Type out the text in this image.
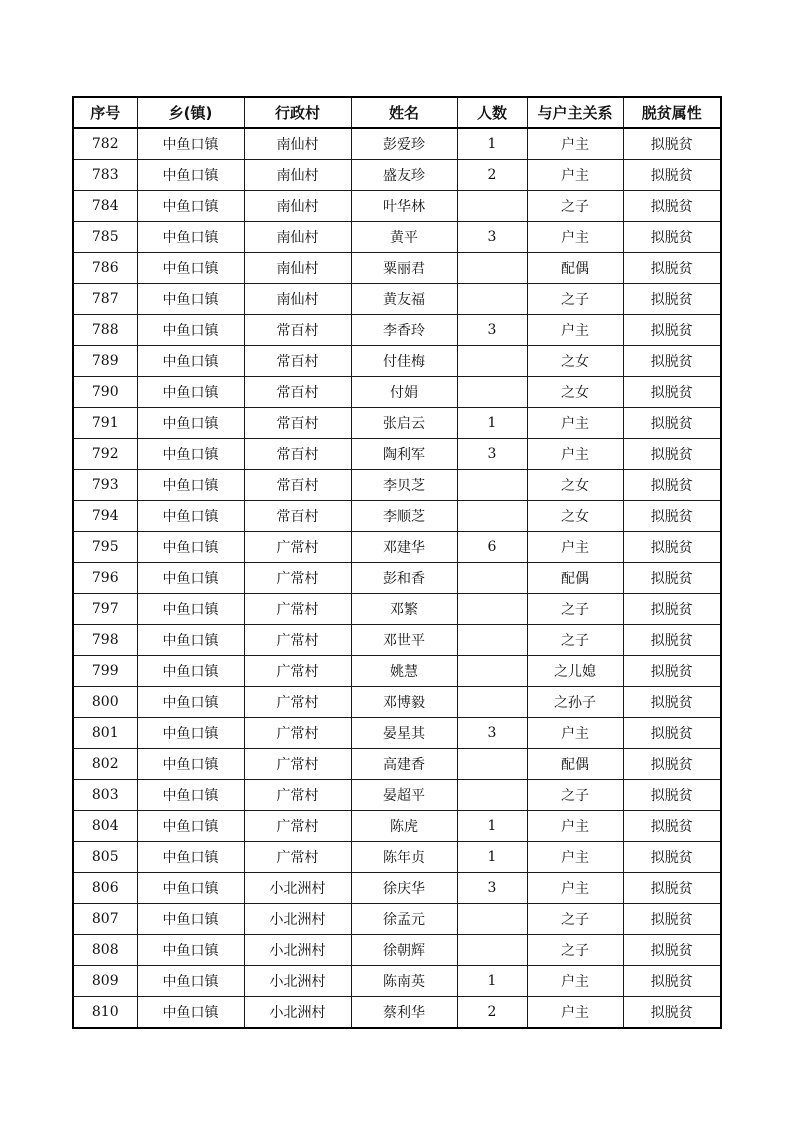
序号	乡(镇)	行政村	姓名	人数	与户主关系	脱贫属性
782	中鱼口镇	南仙村	彭爱珍	1	户主	拟脱贫
783	中鱼口镇	南仙村	盛友珍	2	户主	拟脱贫
784	中鱼口镇	南仙村	叶华林		之子	拟脱贫
785	中鱼口镇	南仙村	黄平	3	户主	拟脱贫
786	中鱼口镇	南仙村	粟丽君		配偶	拟脱贫
787	中鱼口镇	南仙村	黄友福		之子	拟脱贫
788	中鱼口镇	常百村	李香玲	3	户主	拟脱贫
789	中鱼口镇	常百村	付佳梅		之女	拟脱贫
790	中鱼口镇	常百村	付娟		之女	拟脱贫
791	中鱼口镇	常百村	张启云	1	户主	拟脱贫
792	中鱼口镇	常百村	陶利军	3	户主	拟脱贫
793	中鱼口镇	常百村	李贝芝		之女	拟脱贫
794	中鱼口镇	常百村	李顺芝		之女	拟脱贫
795	中鱼口镇	广常村	邓建华	6	户主	拟脱贫
796	中鱼口镇	广常村	彭和香		配偶	拟脱贫
797	中鱼口镇	广常村	邓繁		之子	拟脱贫
798	中鱼口镇	广常村	邓世平		之子	拟脱贫
799	中鱼口镇	广常村	姚慧		之儿媳	拟脱贫
800	中鱼口镇	广常村	邓博毅		之孙子	拟脱贫
801	中鱼口镇	广常村	晏星其	3	户主	拟脱贫
802	中鱼口镇	广常村	高建香		配偶	拟脱贫
803	中鱼口镇	广常村	晏超平		之子	拟脱贫
804	中鱼口镇	广常村	陈虎	1	户主	拟脱贫
805	中鱼口镇	广常村	陈年贞	1	户主	拟脱贫
806	中鱼口镇	小北洲村	徐庆华	3	户主	拟脱贫
807	中鱼口镇	小北洲村	徐孟元		之子	拟脱贫
808	中鱼口镇	小北洲村	徐朝辉		之子	拟脱贫
809	中鱼口镇	小北洲村	陈南英	1	户主	拟脱贫
810	中鱼口镇	小北洲村	蔡利华	2	户主	拟脱贫
